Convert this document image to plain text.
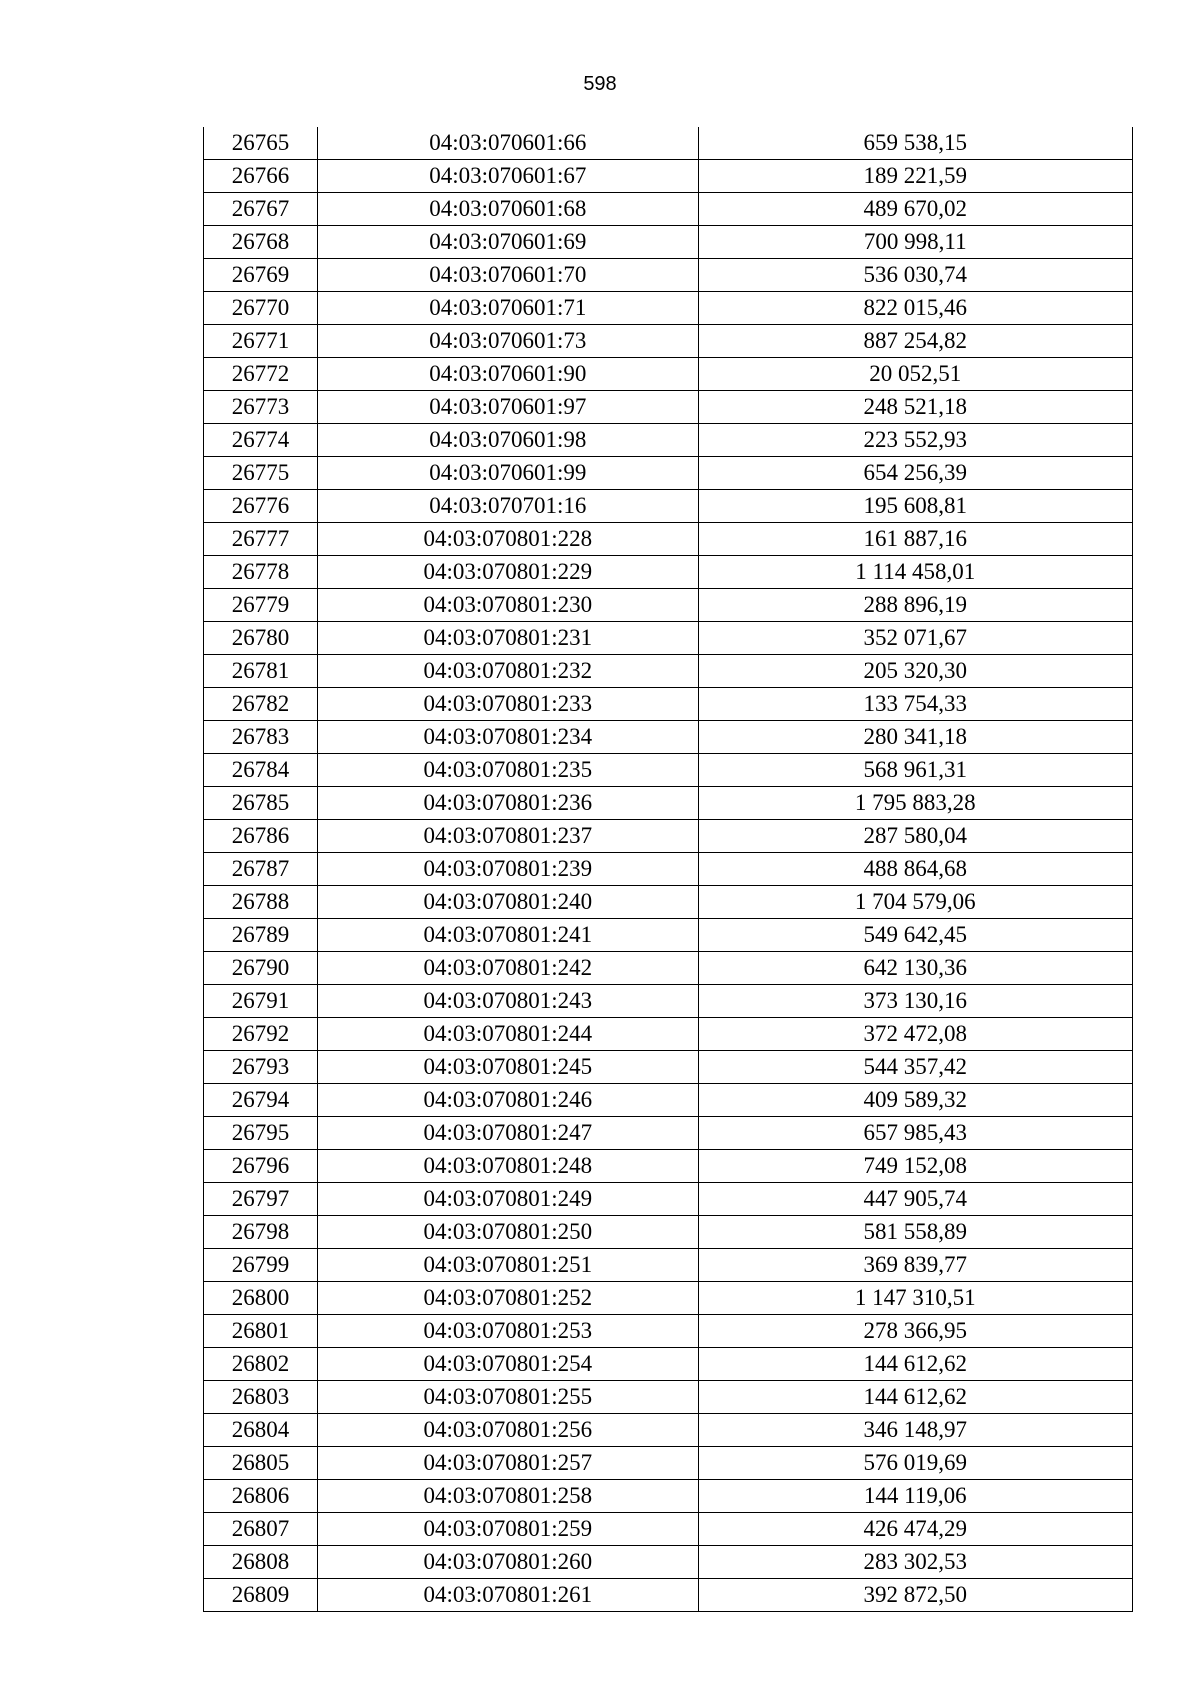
598
26765	04:03:070601:66	659 538,15
26766	04:03:070601:67	189 221,59
26767	04:03:070601:68	489 670,02
26768	04:03:070601:69	700 998,11
26769	04:03:070601:70	536 030,74
26770	04:03:070601:71	822 015,46
26771	04:03:070601:73	887 254,82
26772	04:03:070601:90	20 052,51
26773	04:03:070601:97	248 521,18
26774	04:03:070601:98	223 552,93
26775	04:03:070601:99	654 256,39
26776	04:03:070701:16	195 608,81
26777	04:03:070801:228	161 887,16
26778	04:03:070801:229	1 114 458,01
26779	04:03:070801:230	288 896,19
26780	04:03:070801:231	352 071,67
26781	04:03:070801:232	205 320,30
26782	04:03:070801:233	133 754,33
26783	04:03:070801:234	280 341,18
26784	04:03:070801:235	568 961,31
26785	04:03:070801:236	1 795 883,28
26786	04:03:070801:237	287 580,04
26787	04:03:070801:239	488 864,68
26788	04:03:070801:240	1 704 579,06
26789	04:03:070801:241	549 642,45
26790	04:03:070801:242	642 130,36
26791	04:03:070801:243	373 130,16
26792	04:03:070801:244	372 472,08
26793	04:03:070801:245	544 357,42
26794	04:03:070801:246	409 589,32
26795	04:03:070801:247	657 985,43
26796	04:03:070801:248	749 152,08
26797	04:03:070801:249	447 905,74
26798	04:03:070801:250	581 558,89
26799	04:03:070801:251	369 839,77
26800	04:03:070801:252	1 147 310,51
26801	04:03:070801:253	278 366,95
26802	04:03:070801:254	144 612,62
26803	04:03:070801:255	144 612,62
26804	04:03:070801:256	346 148,97
26805	04:03:070801:257	576 019,69
26806	04:03:070801:258	144 119,06
26807	04:03:070801:259	426 474,29
26808	04:03:070801:260	283 302,53
26809	04:03:070801:261	392 872,50
